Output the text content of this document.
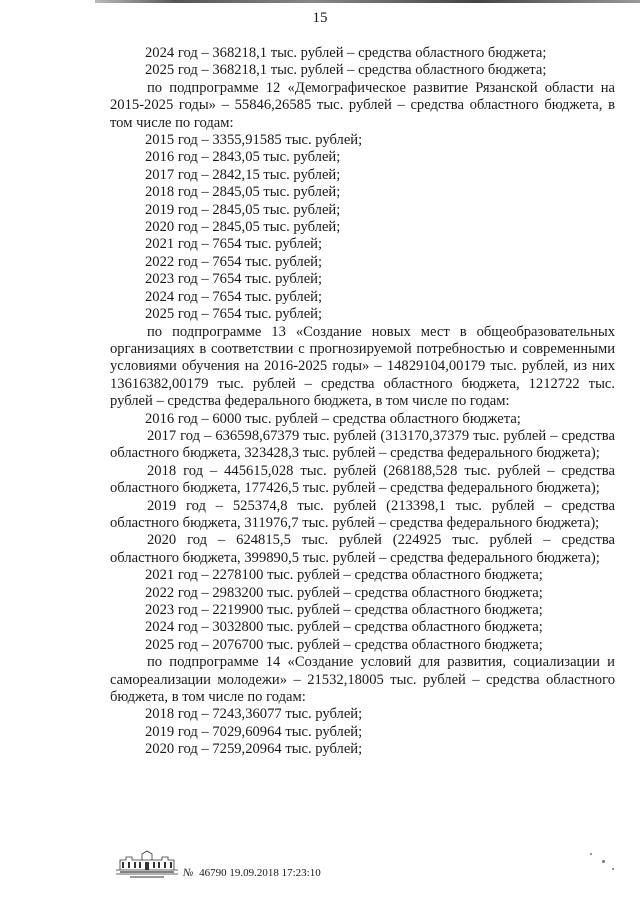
15

2024 год – 368218,1 тыс. рублей – средства областного бюджета;

2025 год – 368218,1 тыс. рублей – средства областного бюджета;

по подпрограмме 12 «Демографическое развитие Рязанской области на 2015-2025 годы» – 55846,26585 тыс. рублей – средства областного бюджета, в том числе по годам:

2015 год – 3355,91585 тыс. рублей;

2016 год – 2843,05 тыс. рублей;

2017 год – 2842,15 тыс. рублей;

2018 год – 2845,05 тыс. рублей;

2019 год – 2845,05 тыс. рублей;

2020 год – 2845,05 тыс. рублей;

2021 год – 7654 тыс. рублей;

2022 год – 7654 тыс. рублей;

2023 год – 7654 тыс. рублей;

2024 год – 7654 тыс. рублей;

2025 год – 7654 тыс. рублей;

по подпрограмме 13 «Создание новых мест в общеобразовательных организациях в соответствии с прогнозируемой потребностью и современными условиями обучения на 2016-2025 годы» – 14829104,00179 тыс. рублей, из них 13616382,00179 тыс. рублей – средства областного бюджета, 1212722 тыс. рублей – средства федерального бюджета, в том числе по годам:

2016 год – 6000 тыс. рублей – средства областного бюджета;

2017 год – 636598,67379 тыс. рублей (313170,37379 тыс. рублей – средства областного бюджета, 323428,3 тыс. рублей – средства федерального бюджета);

2018 год – 445615,028 тыс. рублей (268188,528 тыс. рублей – средства областного бюджета, 177426,5 тыс. рублей – средства федерального бюджета);

2019 год – 525374,8 тыс. рублей (213398,1 тыс. рублей – средства областного бюджета, 311976,7 тыс. рублей – средства федерального бюджета);

2020 год – 624815,5 тыс. рублей (224925 тыс. рублей – средства областного бюджета, 399890,5 тыс. рублей – средства федерального бюджета);

2021 год – 2278100 тыс. рублей – средства областного бюджета;

2022 год – 2983200 тыс. рублей – средства областного бюджета;

2023 год – 2219900 тыс. рублей – средства областного бюджета;

2024 год – 3032800 тыс. рублей – средства областного бюджета;

2025 год – 2076700 тыс. рублей – средства областного бюджета;

по подпрограмме 14 «Создание условий для развития, социализации и самореализации молодежи» – 21532,18005 тыс. рублей – средства областного бюджета, в том числе по годам:

2018 год – 7243,36077 тыс. рублей;

2019 год – 7029,60964 тыс. рублей;

2020 год – 7259,20964 тыс. рублей;

№ 46790 19.09.2018 17:23:10
